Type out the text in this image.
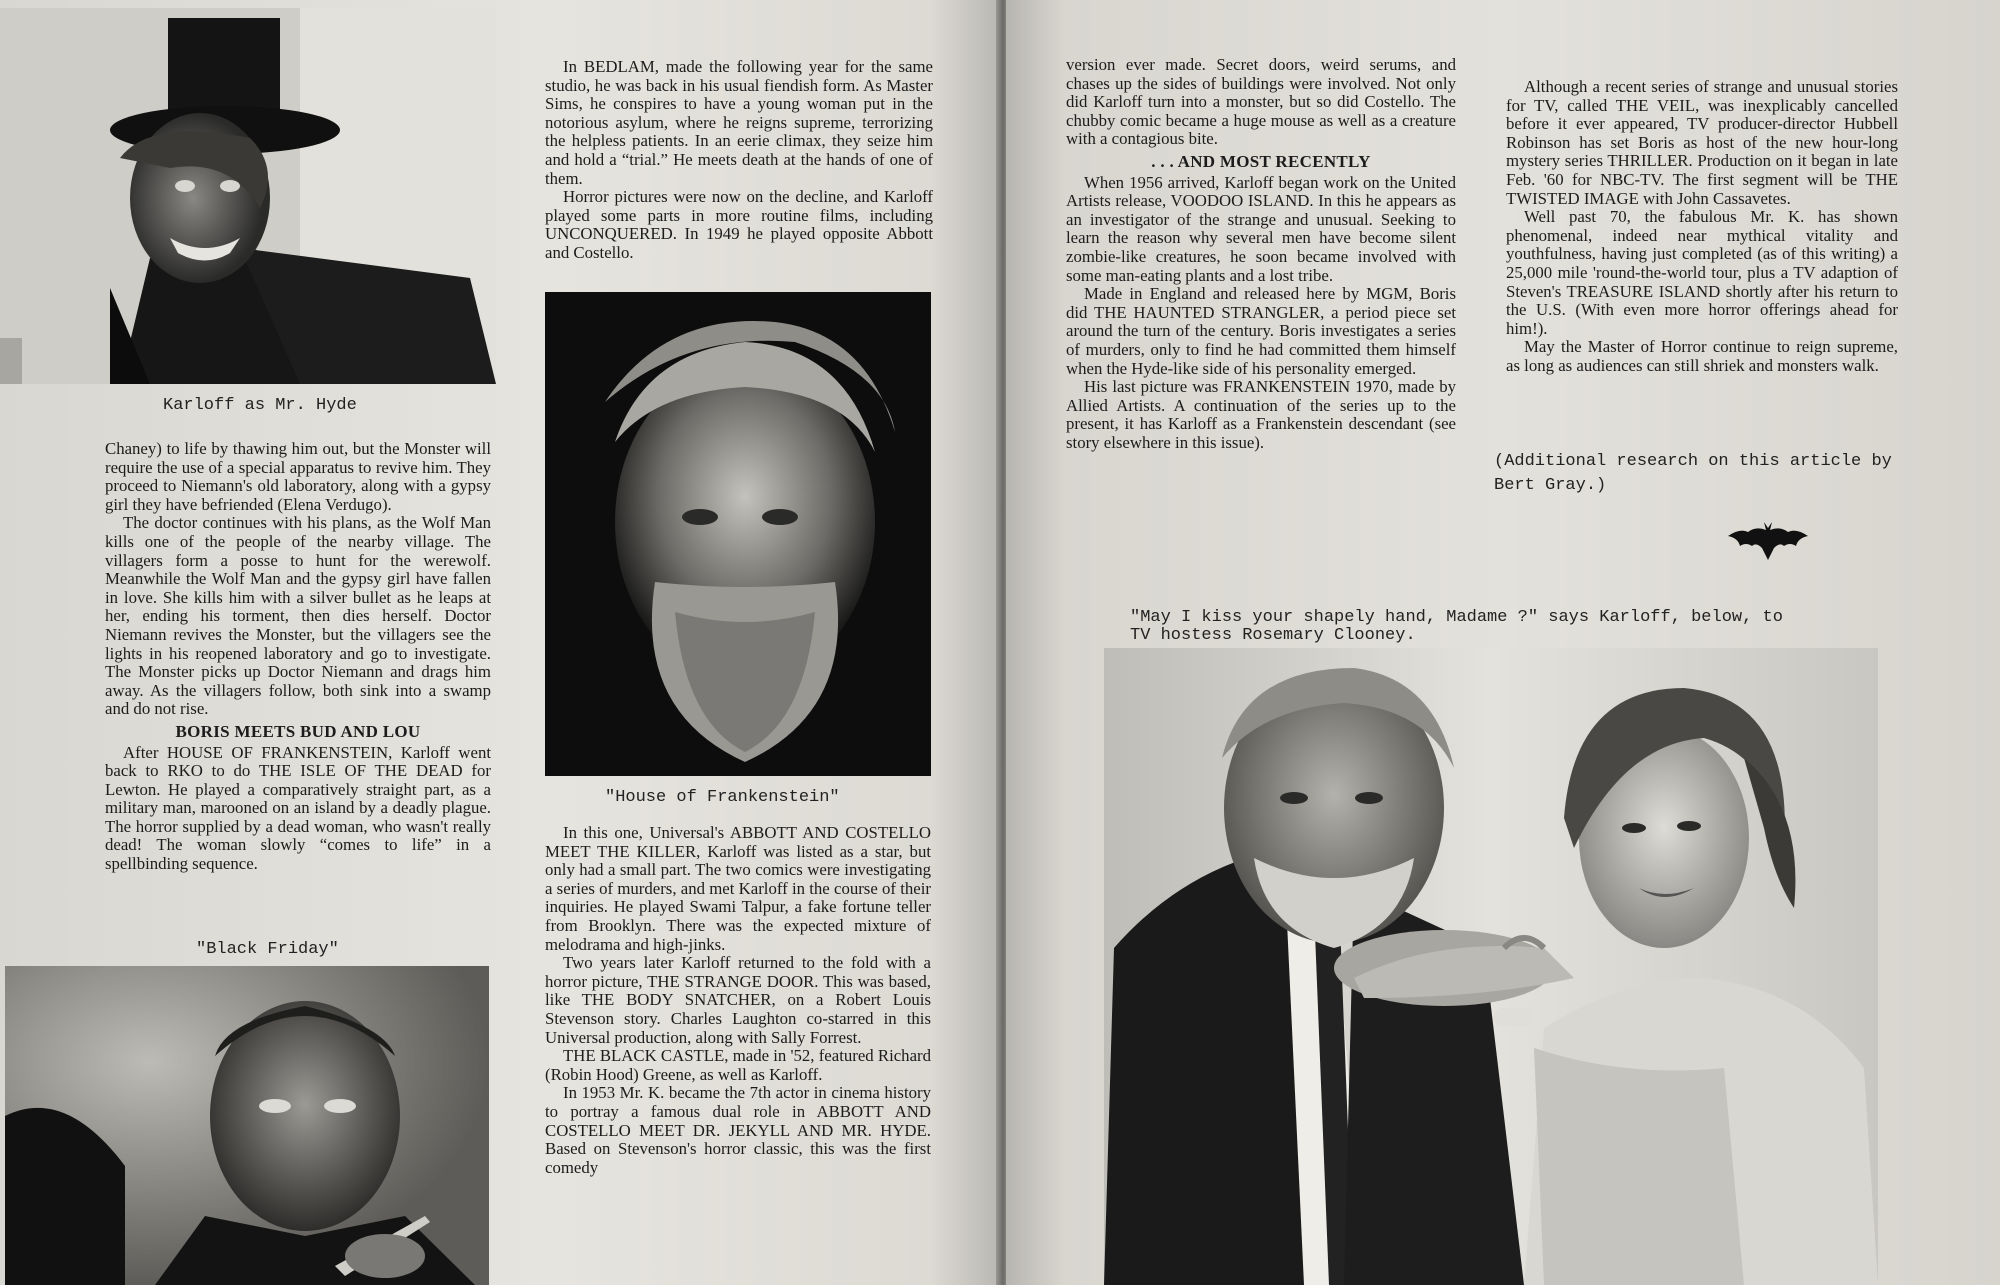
Karloff as Mr. Hyde

Chaney) to life by thawing him out, but the Monster will require the use of a special apparatus to revive him. They proceed to Niemann's old laboratory, along with a gypsy girl they have befriended (Elena Verdugo).

The doctor continues with his plans, as the Wolf Man kills one of the people of the nearby village. The villagers form a posse to hunt for the werewolf. Meanwhile the Wolf Man and the gypsy girl have fallen in love. She kills him with a silver bullet as he leaps at her, ending his torment, then dies herself. Doctor Niemann revives the Monster, but the villagers see the lights in his reopened laboratory and go to investigate. The Monster picks up Doctor Niemann and drags him away. As the villagers follow, both sink into a swamp and do not rise.

BORIS MEETS BUD AND LOU

After HOUSE OF FRANKENSTEIN, Karloff went back to RKO to do THE ISLE OF THE DEAD for Lewton. He played a comparatively straight part, as a military man, marooned on an island by a deadly plague. The horror supplied by a dead woman, who wasn't really dead! The woman slowly “comes to life” in a spellbinding sequence.

"Black Friday"

In BEDLAM, made the following year for the same studio, he was back in his usual fiendish form. As Master Sims, he conspires to have a young woman put in the notorious asylum, where he reigns supreme, terrorizing the helpless patients. In an eerie climax, they seize him and hold a “trial.” He meets death at the hands of one of them.

Horror pictures were now on the decline, and Karloff played some parts in more routine films, including UNCONQUERED. In 1949 he played opposite Abbott and Costello.

"House of Frankenstein"

In this one, Universal's ABBOTT AND COSTELLO MEET THE KILLER, Karloff was listed as a star, but only had a small part. The two comics were investigating a series of murders, and met Karloff in the course of their inquiries. He played Swami Talpur, a fake fortune teller from Brooklyn. There was the expected mixture of melodrama and high-jinks.

Two years later Karloff returned to the fold with a horror picture, THE STRANGE DOOR. This was based, like THE BODY SNATCHER, on a Robert Louis Stevenson story. Charles Laughton co-starred in this Universal production, along with Sally Forrest.

THE BLACK CASTLE, made in '52, featured Richard (Robin Hood) Greene, as well as Karloff.

In 1953 Mr. K. became the 7th actor in cinema history to portray a famous dual role in ABBOTT AND COSTELLO MEET DR. JEKYLL AND MR. HYDE. Based on Stevenson's horror classic, this was the first comedy

version ever made. Secret doors, weird serums, and chases up the sides of buildings were involved. Not only did Karloff turn into a monster, but so did Costello. The chubby comic became a huge mouse as well as a creature with a contagious bite.

. . . AND MOST RECENTLY

When 1956 arrived, Karloff began work on the United Artists release, VOODOO ISLAND. In this he appears as an investigator of the strange and unusual. Seeking to learn the reason why several men have become silent zombie-like creatures, he soon became involved with some man-eating plants and a lost tribe.

Made in England and released here by MGM, Boris did THE HAUNTED STRANGLER, a period piece set around the turn of the century. Boris investigates a series of murders, only to find he had committed them himself when the Hyde-like side of his personality emerged.

His last picture was FRANKENSTEIN 1970, made by Allied Artists. A continuation of the series up to the present, it has Karloff as a Frankenstein descendant (see story elsewhere in this issue).

Although a recent series of strange and unusual stories for TV, called THE VEIL, was inexplicably cancelled before it ever appeared, TV producer-director Hubbell Robinson has set Boris as host of the new hour-long mystery series THRILLER. Production on it began in late Feb. '60 for NBC-TV. The first segment will be THE TWISTED IMAGE with John Cassavetes.

Well past 70, the fabulous Mr. K. has shown phenomenal, indeed near mythical vitality and youthfulness, having just completed (as of this writing) a 25,000 mile 'round-the-world tour, plus a TV adaption of Steven's TREASURE ISLAND shortly after his return to the U.S. (With even more horror offerings ahead for him!).

May the Master of Horror continue to reign supreme, as long as audiences can still shriek and monsters walk.

(Additional research on this article by Bert Gray.)
"May I kiss your shapely hand, Madame ?" says Karloff, below, to
TV hostess Rosemary Clooney.
